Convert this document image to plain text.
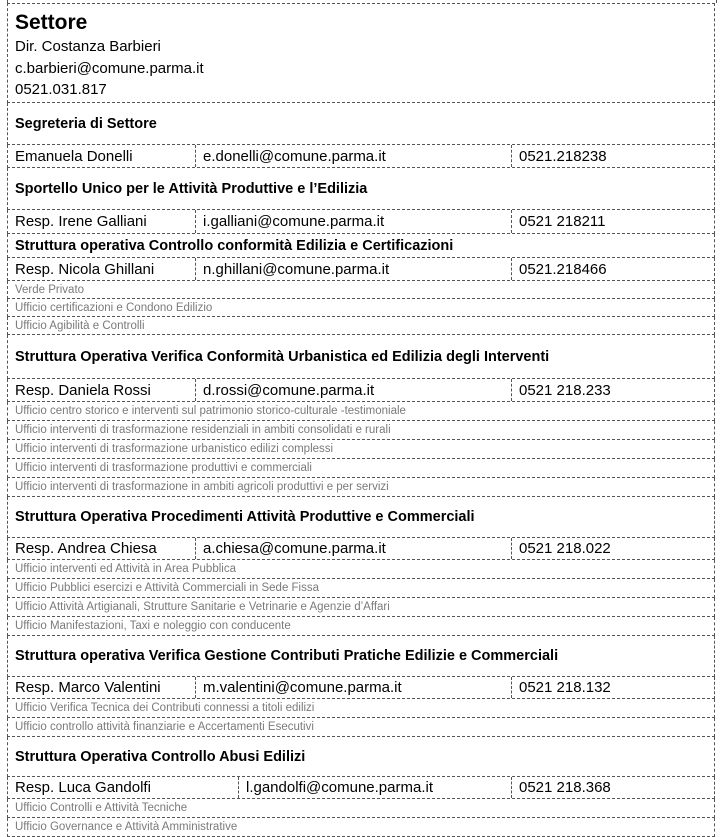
Settore
Dir. Costanza Barbieri
c.barbieri@comune.parma.it
0521.031.817
Segreteria di Settore
Emanuela Donelli	e.donelli@comune.parma.it	0521.218238
Sportello Unico per le Attività Produttive e l’Edilizia
Resp. Irene Galliani	i.galliani@comune.parma.it	0521 218211
Struttura operativa Controllo conformità Edilizia e Certificazioni
Resp. Nicola Ghillani	n.ghillani@comune.parma.it	0521.218466
Verde Privato
Ufficio certificazioni e Condono Edilizio
Ufficio Agibilità e Controlli
Struttura Operativa Verifica Conformità Urbanistica ed Edilizia degli Interventi
Resp. Daniela Rossi	d.rossi@comune.parma.it	0521 218.233
Ufficio centro storico e interventi sul patrimonio storico-culturale -testimoniale
Ufficio interventi di trasformazione residenziali in ambiti consolidati e rurali
Ufficio interventi di trasformazione urbanistico edilizi complessi
Ufficio interventi di trasformazione produttivi e commerciali
Ufficio interventi di trasformazione in ambiti agricoli produttivi e per servizi
Struttura Operativa Procedimenti Attività Produttive e Commerciali
Resp. Andrea Chiesa	a.chiesa@comune.parma.it	0521 218.022
Ufficio interventi ed Attività in Area Pubblica
Ufficio Pubblici esercizi e Attività Commerciali in Sede Fissa
Ufficio Attività Artigianali, Strutture Sanitarie e Vetrinarie e Agenzie d’Affari
Ufficio Manifestazioni, Taxi e noleggio con conducente
Struttura operativa Verifica Gestione Contributi Pratiche Edilizie e Commerciali
Resp. Marco Valentini	m.valentini@comune.parma.it	0521 218.132
Ufficio Verifica Tecnica dei Contributi connessi a titoli edilizi
Ufficio controllo attività finanziarie e Accertamenti Esecutivi
Struttura Operativa Controllo Abusi Edilizi
Resp. Luca Gandolfi	l.gandolfi@comune.parma.it	0521 218.368
Ufficio Controlli e Attività Tecniche
Ufficio Governance e Attività Amministrative
